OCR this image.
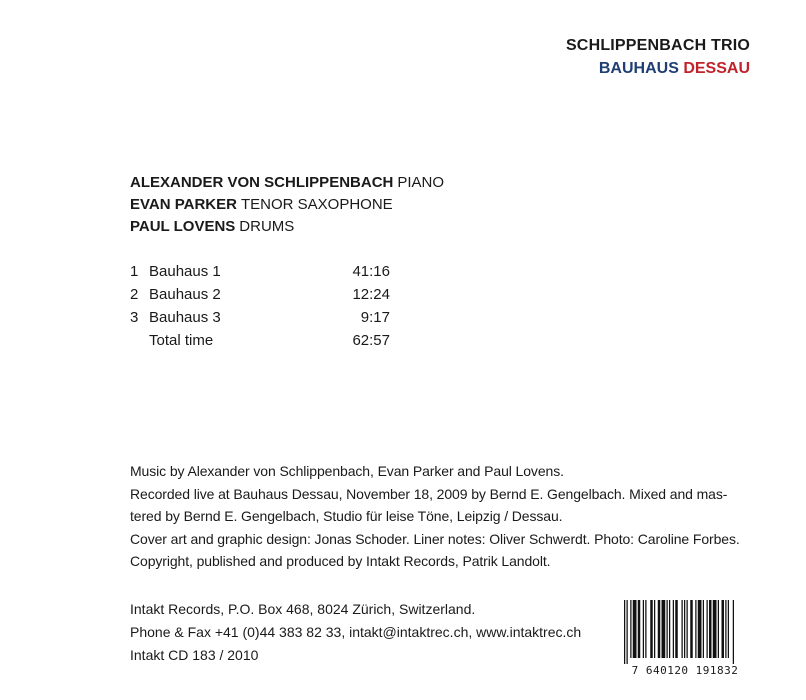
SCHLIPPENBACH TRIO
BAUHAUS DESSAU
ALEXANDER VON SCHLIPPENBACH PIANO
EVAN PARKER TENOR SAXOPHONE
PAUL LOVENS DRUMS
1 Bauhaus 1	41:16
2 Bauhaus 2	12:24
3 Bauhaus 3	9:17
Total time	62:57
Music by Alexander von Schlippenbach, Evan Parker and Paul Lovens.
Recorded live at Bauhaus Dessau, November 18, 2009 by Bernd E. Gengelbach. Mixed and mas-
tered by Bernd E. Gengelbach, Studio für leise Töne, Leipzig / Dessau.
Cover art and graphic design: Jonas Schoder. Liner notes: Oliver Schwerdt. Photo: Caroline Forbes.
Copyright, published and produced by Intakt Records, Patrik Landolt.
Intakt Records, P.O. Box 468, 8024 Zürich, Switzerland.
Phone & Fax +41 (0)44 383 82 33, intakt@intaktrec.ch, www.intaktrec.ch
Intakt CD 183 / 2010
7 640120 191832
